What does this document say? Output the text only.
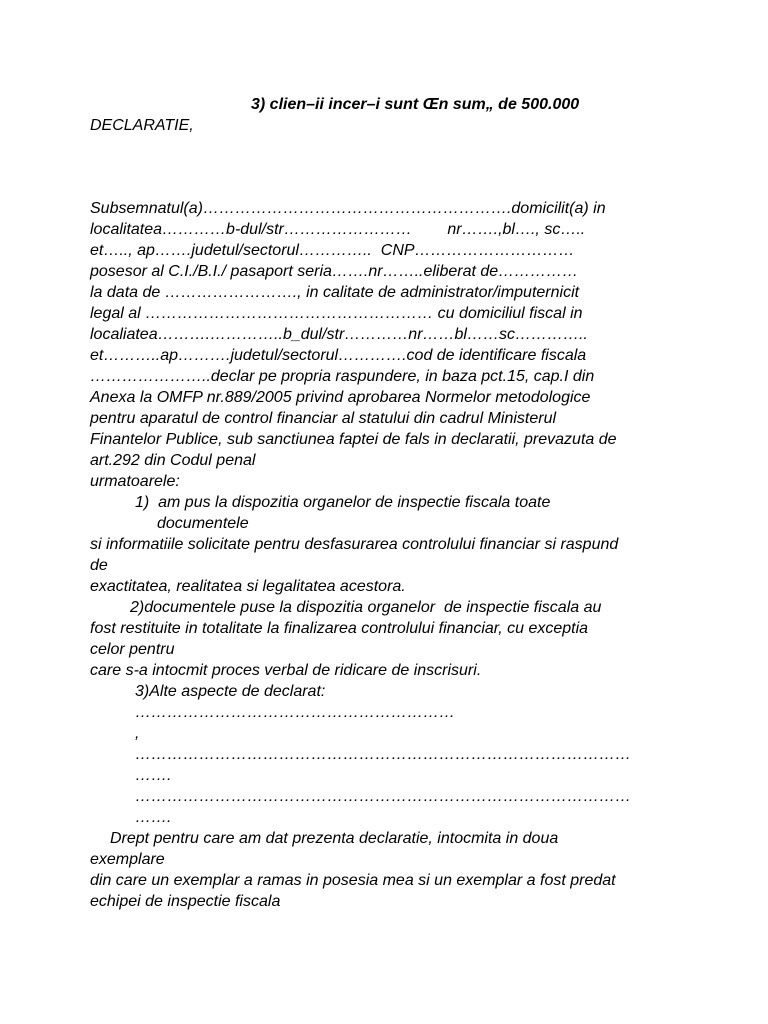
3) clien–ii incer–i sunt Œn sum„ de 500.000
DECLARATIE,
Subsemnatul(a)………………………………………………….domicilit(a) in
localitatea…………b-dul/str……………………        nr…….,bl…., sc…..
et….., ap…….judetul/sectorul…………..  CNP…………………………
posesor al C.I./B.I./ pasaport seria…….nr……..eliberat de……………
la data de ……………………., in calitate de administrator/imputernicit
legal al ……………………………………………… cu domiciliul fiscal in
localiatea……….…………..b_dul/str…………nr……bl……sc…………..
et………..ap……….judetul/sectorul………….cod de identificare fiscala
…………………..declar pe propria raspundere, in baza pct.15, cap.I din
Anexa la OMFP nr.889/2005 privind aprobarea Normelor metodologice
pentru aparatul de control financiar al statului din cadrul Ministerul
Finantelor Publice, sub sanctiunea faptei de fals in declaratii, prevazuta de
art.292 din Codul penal
urmatoarele:
1)  am pus la dispozitia organelor de inspectie fiscala toate
documentele
si informatiile solicitate pentru desfasurarea controlului financiar si raspund
de
exactitatea, realitatea si legalitatea acestora.
2)documentele puse la dispozitia organelor  de inspectie fiscala au
fost restituite in totalitate la finalizarea controlului financiar, cu exceptia
celor pentru
care s-a intocmit proces verbal de ridicare de inscrisuri.
3)Alte aspecte de declarat:
……………………………………………………
,
…………………………………………………………………………………
…….
…………………………………………………………………………………
…….
Drept pentru care am dat prezenta declaratie, intocmita in doua
exemplare
din care un exemplar a ramas in posesia mea si un exemplar a fost predat
echipei de inspectie fiscala
